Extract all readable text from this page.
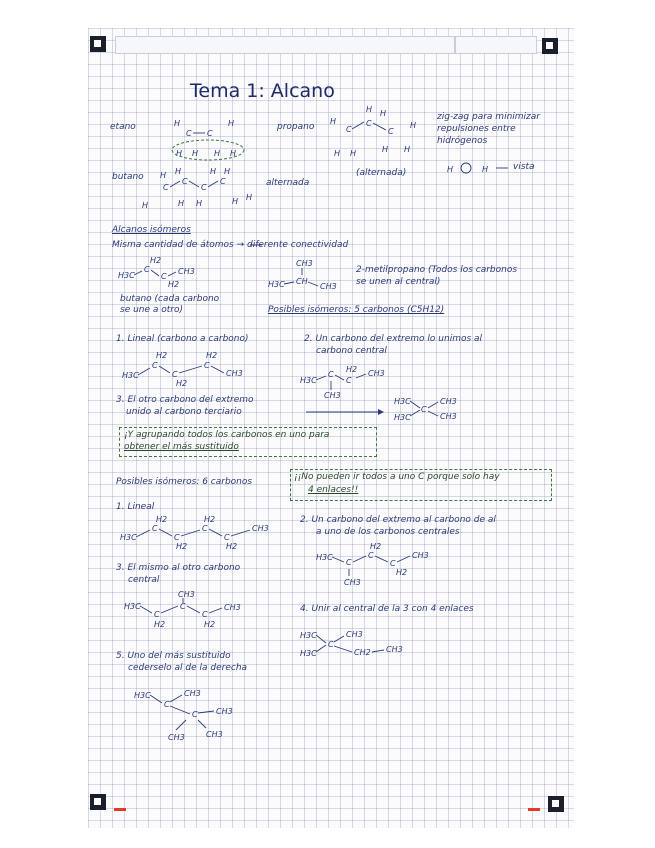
Tema 1: Alcano
etano	propano
zig-zag para minimizar
repulsiones entre
hidrógenos
(alternada)
vista
butano
alternada
Alcanos isómeros
Misma cantidad de átomos → diferente conectividad
2-metilpropano (Todos los carbonos
se unen al central)
butano (cada carbono
se une a otro)	Posibles isómeros: 5 carbonos (C5H12)
1. Lineal (carbono a carbono)	2. Un carbono del extremo lo unimos al
carbono central
3. El otro carbono del extremo
unido al carbono terciario
¡Y agrupando todos los carbonos en uno para
obtener el más sustituido
Posibles isómeros: 6 carbonos	¡¡No pueden ir todos a uno C porque solo hay
4 enlaces!!
1. Lineal
2. Un carbono del extremo al carbono de al
a uno de los carbonos centrales
3. El mismo al otro carbono
central
4. Unir al central de la 3 con 4 enlaces
5. Uno del más sustituido
cederselo al de la derecha
H
C C
H
H H H H
C
C
C
H H
H	H
H H	H H
H	H
C
C
C
C
H H	H H
H	H H	H H
H3C
C
H2
C
H2
CH3
H3C CH
CH3
CH3
H3C
C
H2
C
H2
C
H2
CH3
H3C
C
CH3
C
H2 CH3
H3C
H3C
C
CH3
CH3
H3C
C
H2
C
H2
C
H2
C
H2
CH3
H3C
C
CH3
C
H2
C
H2
CH3
H3C
C
H2
C
CH3
C
H2
CH3
H3C
H3C
C
CH3
CH2 CH3
H3C
C
CH3
C CH3
CH3	CH3
